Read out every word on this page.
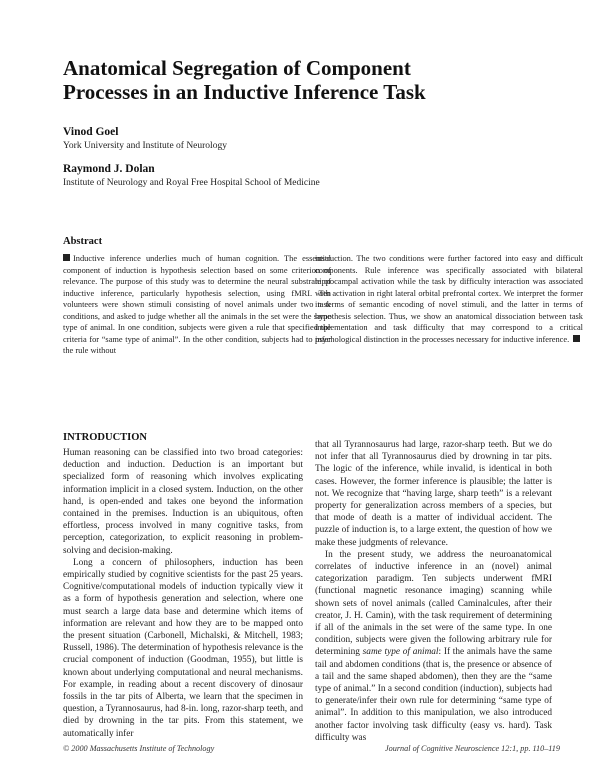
Anatomical Segregation of Component
Processes in an Inductive Inference Task
Vinod Goel
York University and Institute of Neurology
Raymond J. Dolan
Institute of Neurology and Royal Free Hospital School of Medicine
Abstract
Inductive inference underlies much of human cognition. The essential component of induction is hypothesis selection based on some criterion of relevance. The purpose of this study was to determine the neural substrate of inductive inference, particularly hypothesis selection, using fMRI. Ten volunteers were shown stimuli consisting of novel animals under two task conditions, and asked to judge whether all the animals in the set were the same type of animal. In one condition, subjects were given a rule that specified the criteria for “same type of animal”. In the other condition, subjects had to infer the rule without
instruction. The two conditions were further factored into easy and difficult components. Rule inference was specifically associated with bilateral hippocampal activation while the task by difficulty interaction was associated with activation in right lateral orbital prefrontal cortex. We interpret the former in terms of semantic encoding of novel stimuli, and the latter in terms of hypothesis selection. Thus, we show an anatomical dissociation between task implementation and task difficulty that may correspond to a critical psychological distinction in the processes necessary for inductive inference.
INTRODUCTION

Human reasoning can be classified into two broad categories: deduction and induction. Deduction is an important but specialized form of reasoning which involves explicating information implicit in a closed system. Induction, on the other hand, is open-ended and takes one beyond the information contained in the premises. Induction is an ubiquitous, often effortless, process involved in many cognitive tasks, from perception, categorization, to explicit reasoning in problem-solving and decision-making.

Long a concern of philosophers, induction has been empirically studied by cognitive scientists for the past 25 years. Cognitive/computational models of induction typically view it as a form of hypothesis generation and selection, where one must search a large data base and determine which items of information are relevant and how they are to be mapped onto the present situation (Carbonell, Michalski, & Mitchell, 1983; Russell, 1986). The determination of hypothesis relevance is the crucial component of induction (Goodman, 1955), but little is known about underlying computational and neural mechanisms. For example, in reading about a recent discovery of dinosaur fossils in the tar pits of Alberta, we learn that the specimen in question, a Tyrannosaurus, had 8-in. long, razor-sharp teeth, and died by drowning in the tar pits. From this statement, we automatically infer

that all Tyrannosaurus had large, razor-sharp teeth. But we do not infer that all Tyrannosaurus died by drowning in tar pits. The logic of the inference, while invalid, is identical in both cases. However, the former inference is plausible; the latter is not. We recognize that “having large, sharp teeth” is a relevant property for generalization across members of a species, but that mode of death is a matter of individual accident. The puzzle of induction is, to a large extent, the question of how we make these judgments of relevance.

In the present study, we address the neuroanatomical correlates of inductive inference in an (novel) animal categorization paradigm. Ten subjects underwent fMRI (functional magnetic resonance imaging) scanning while shown sets of novel animals (called Caminalcules, after their creator, J. H. Camin), with the task requirement of determining if all of the animals in the set were of the same type. In one condition, subjects were given the following arbitrary rule for determining same type of animal: If the animals have the same tail and abdomen conditions (that is, the presence or absence of a tail and the same shaped abdomen), then they are the “same type of animal.” In a second condition (induction), subjects had to generate/infer their own rule for determining “same type of animal”. In addition to this manipulation, we also introduced another factor involving task difficulty (easy vs. hard). Task difficulty was

© 2000 Massachusetts Institute of Technology	Journal of Cognitive Neuroscience 12:1, pp. 110–119
